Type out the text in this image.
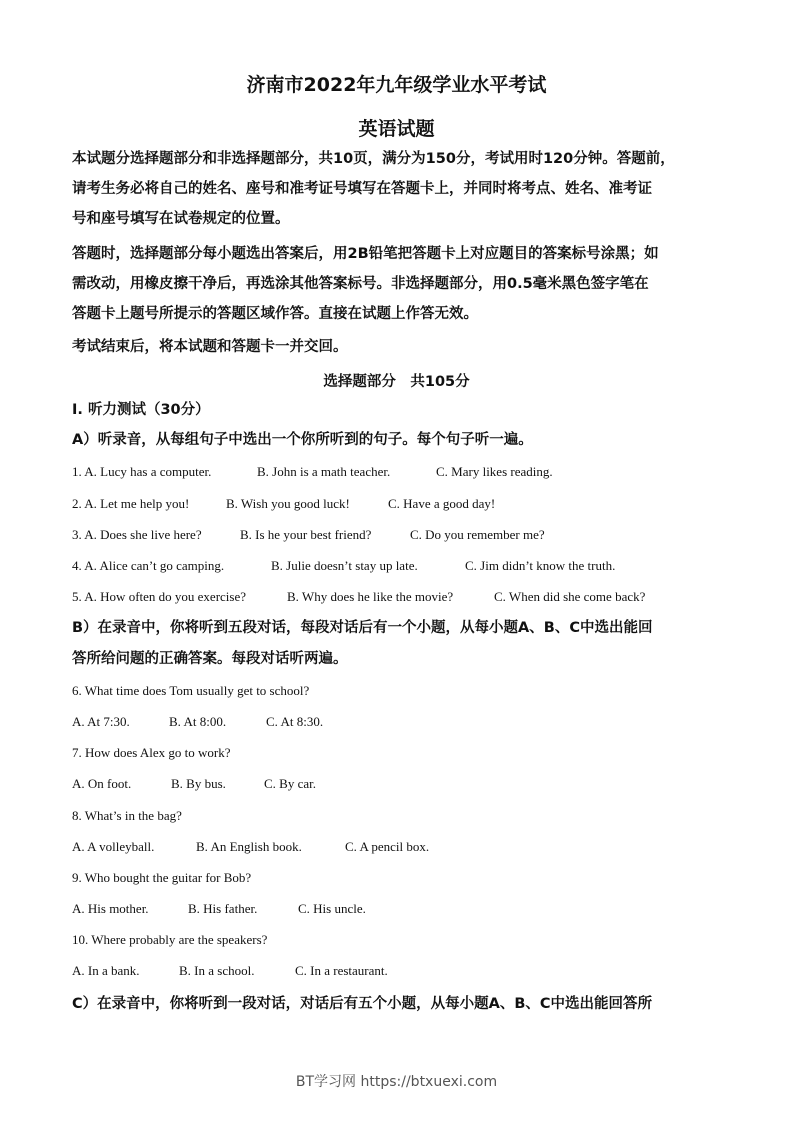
济南市2022年九年级学业水平考试
英语试题
本试题分选择题部分和非选择题部分，共10页，满分为150分，考试用时120分钟。答题前，
请考生务必将自己的姓名、座号和准考证号填写在答题卡上，并同时将考点、姓名、准考证
号和座号填写在试卷规定的位置。
答题时，选择题部分每小题选出答案后，用2B铅笔把答题卡上对应题目的答案标号涂黑；如
需改动，用橡皮擦干净后，再选涂其他答案标号。非选择题部分，用0.5毫米黑色签字笔在
答题卡上题号所提示的答题区域作答。直接在试题上作答无效。
考试结束后，将本试题和答题卡一并交回。
选择题部分　共105分
Ⅰ. 听力测试（30分）
A）听录音，从每组句子中选出一个你所听到的句子。每个句子听一遍。
1. A. Lucy has a computer.	B. John is a math teacher.	C. Mary likes reading.
2. A. Let me help you!	B. Wish you good luck!	C. Have a good day!
3. A. Does she live here?	B. Is he your best friend?	C. Do you remember me?
4. A. Alice can’t go camping.	B. Julie doesn’t stay up late.	C. Jim didn’t know the truth.
5. A. How often do you exercise?	B. Why does he like the movie?	C. When did she come back?
B）在录音中，你将听到五段对话，每段对话后有一个小题，从每小题A、B、C中选出能回
答所给问题的正确答案。每段对话听两遍。
6. What time does Tom usually get to school?
A. At 7:30.	B. At 8:00.	C. At 8:30.
7. How does Alex go to work?
A. On foot.	B. By bus.	C. By car.
8. What’s in the bag?
A. A volleyball.	B. An English book.	C. A pencil box.
9. Who bought the guitar for Bob?
A. His mother.	B. His father.	C. His uncle.
10. Where probably are the speakers?
A. In a bank.	B. In a school.	C. In a restaurant.
C）在录音中，你将听到一段对话，对话后有五个小题，从每小题A、B、C中选出能回答所
BT学习网 https://btxuexi.com
